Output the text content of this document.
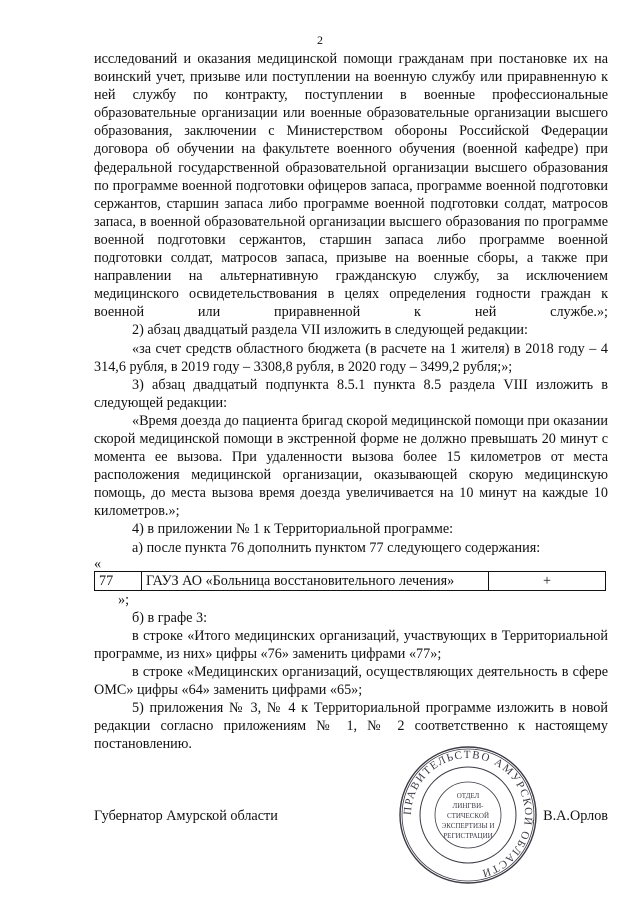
2

исследований и оказания медицинской помощи гражданам при постановке их на воинский учет, призыве или поступлении на военную службу или приравненную к ней службу по контракту, поступлении в военные профессиональные образовательные организации или военные образовательные организации высшего образования, заключении с Министерством обороны Российской Федерации договора об обучении на факультете военного обучения (военной кафедре) при федеральной государственной образовательной организации высшего образования по программе военной подготовки офицеров запаса, программе военной подготовки сержантов, старшин запаса либо программе военной подготовки солдат, матросов запаса, в военной образовательной организации высшего образования по программе военной подготовки сержантов, старшин запаса либо программе военной подготовки солдат, матросов запаса, призыве на военные сборы, а также при направлении на альтернативную гражданскую службу, за исключением медицинского освидетельствования в целях определения годности граждан к военной или приравненной к ней службе.»;

2) абзац двадцатый раздела VII изложить в следующей редакции:

«за счет средств областного бюджета (в расчете на 1 жителя) в 2018 году – 4 314,6 рубля, в 2019 году – 3308,8 рубля, в 2020 году – 3499,2 рубля;»;

3) абзац двадцатый подпункта 8.5.1 пункта 8.5 раздела VIII изложить в следующей редакции:

«Время доезда до пациента бригад скорой медицинской помощи при оказании скорой медицинской помощи в экстренной форме не должно превышать 20 минут с момента ее вызова. При удаленности вызова более 15 километров от места расположения медицинской организации, оказывающей скорую медицинскую помощь, до места вызова время доезда увеличивается на 10 минут на каждые 10 километров.»;

4) в приложении № 1 к Территориальной программе:

а) после пункта 76 дополнить пунктом 77 следующего содержания:

«

77	ГАУЗ АО «Больница восстановительного лечения»	+

»;

б) в графе 3:

в строке «Итого медицинских организаций, участвующих в Территориальной программе, из них» цифры «76» заменить цифрами «77»;

в строке «Медицинских организаций, осуществляющих деятельность в сфере ОМС» цифры «64» заменить цифрами «65»;

5) приложения № 3, № 4 к Территориальной программе изложить в новой редакции согласно приложениям № 1, № 2 соответственно к настоящему постановлению.

ПРАВИТЕЛЬСТВО АМУРСКОЙ ОБЛАСТИ
ОТДЕЛ
ЛИНГВИ-
СТИЧЕСКОЙ
ЭКСПЕРТИЗЫ И
РЕГИСТРАЦИИ
Губернатор Амурской области	В.А.Орлов
